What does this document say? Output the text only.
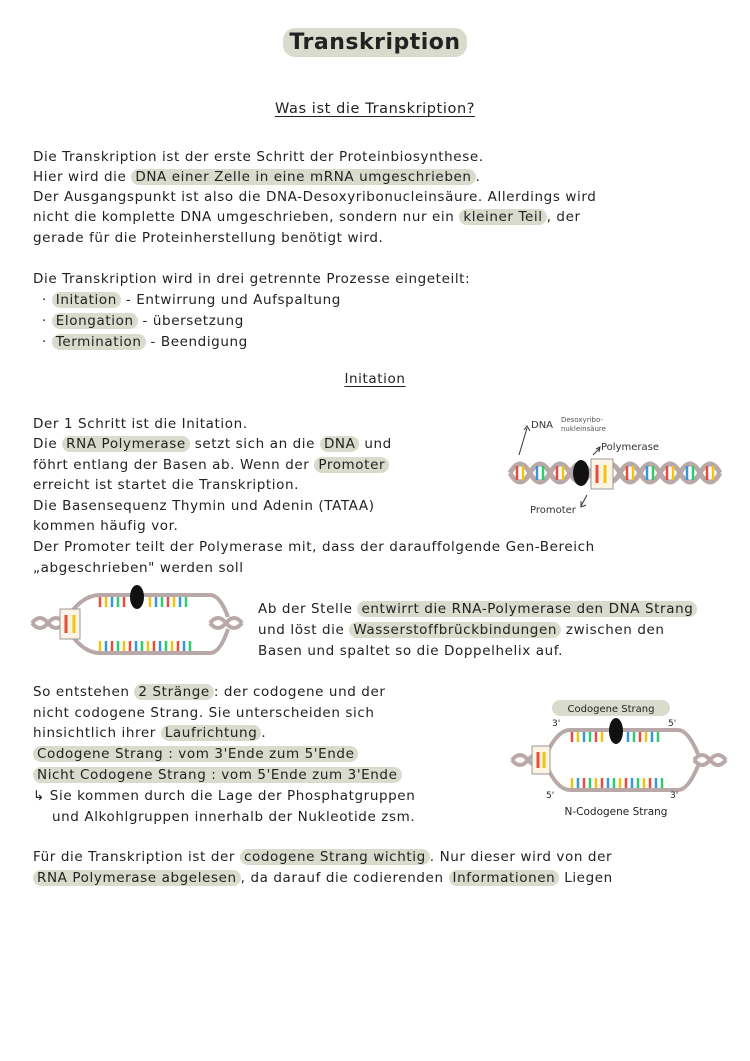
Transkription
Was ist die Transkription?
Die Transkription ist der erste Schritt der Proteinbiosynthese.
Hier wird die DNA einer Zelle in eine mRNA umgeschrieben .
Der Ausgangspunkt ist also die DNA-Desoxyribonucleinsäure. Allerdings wird
nicht die komplette DNA umgeschrieben, sondern nur ein kleiner Teil , der
gerade für die Proteinherstellung benötigt wird.
Die Transkription wird in drei getrennte Prozesse eingeteilt:
· Initation - Entwirrung und Aufspaltung
· Elongation - übersetzung
· Termination - Beendigung
Initation
Der 1 Schritt ist die Initation.
Die RNA Polymerase setzt sich an die DNA und
föhrt entlang der Basen ab. Wenn der Promoter
erreicht ist startet die Transkription.
Die Basensequenz Thymin und Adenin (TATAA)
kommen häufig vor.
Der Promoter teilt der Polymerase mit, dass der darauffolgende Gen-Bereich
„abgeschrieben" werden soll
DNA Desoxyribo-
nukleinsäure
Polymerase
Promoter
Ab der Stelle entwirrt die RNA-Polymerase den DNA Strang
und löst die Wasserstoffbrückbindungen zwischen den
Basen und spaltet so die Doppelhelix auf.
So entstehen 2 Stränge : der codogene und der
nicht codogene Strang. Sie unterscheiden sich
hinsichtlich ihrer Laufrichtung .
Codogene Strang : vom 3'Ende zum 5'Ende
Nicht Codogene Strang : vom 5'Ende zum 3'Ende
↳ Sie kommen durch die Lage der Phosphatgruppen
und Alkohlgruppen innerhalb der Nukleotide zsm.
Codogene Strang
3'	5'
5'	3'
N-Codogene Strang
Für die Transkription ist der codogene Strang wichtig . Nur dieser wird von der
RNA Polymerase abgelesen , da darauf die codierenden Informationen Liegen
